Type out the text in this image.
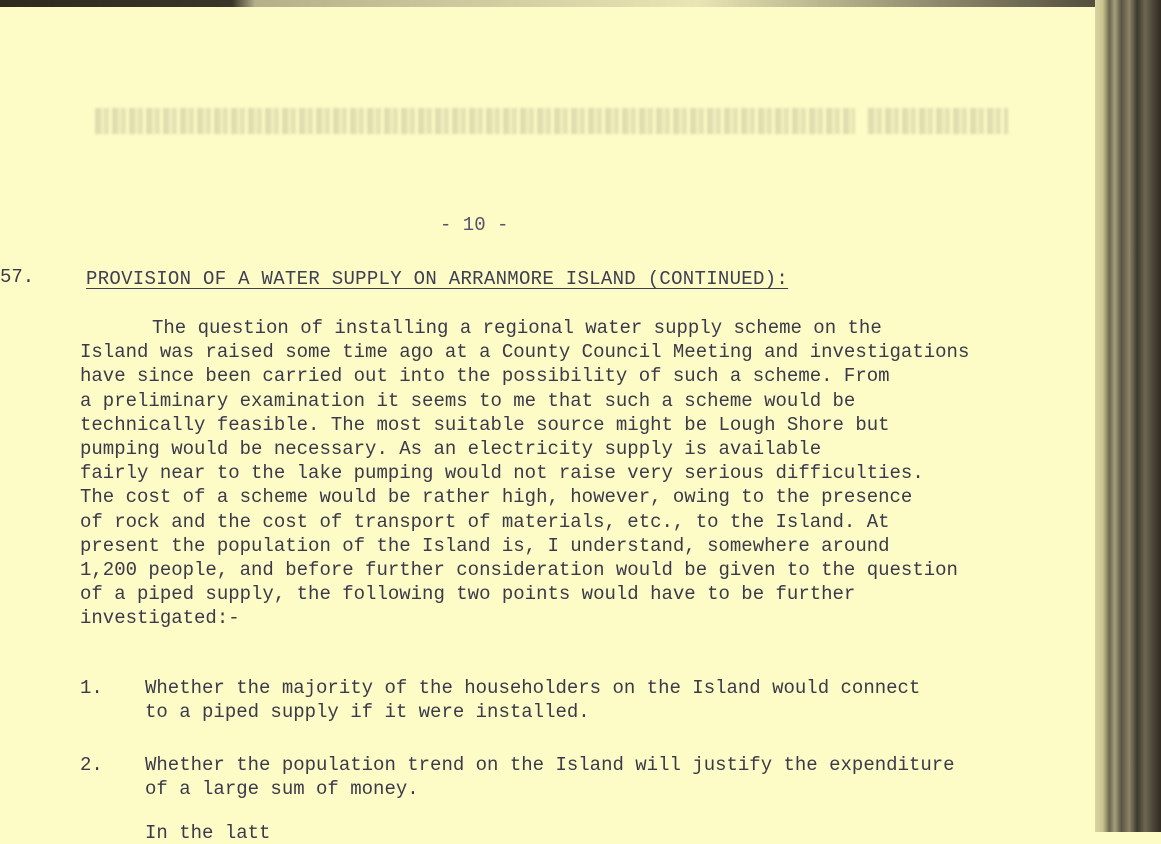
- 10 -
57.	PROVISION OF A WATER SUPPLY ON ARRANMORE ISLAND (CONTINUED):
The question of installing a regional water supply scheme on the
Island was raised some time ago at a County Council Meeting and investigations
have since been carried out into the possibility of such a scheme. From
a preliminary examination it seems to me that such a scheme would be
technically feasible. The most suitable source might be Lough Shore but
pumping would be necessary. As an electricity supply is available
fairly near to the lake pumping would not raise very serious difficulties.
The cost of a scheme would be rather high, however, owing to the presence
of rock and the cost of transport of materials, etc., to the Island. At
present the population of the Island is, I understand, somewhere around
1,200 people, and before further consideration would be given to the question
of a piped supply, the following two points would have to be further
investigated:-
1. Whether the majority of the householders on the Island would connect
to a piped supply if it were installed.
2. Whether the population trend on the Island will justify the expenditure
of a large sum of money.
In the latt
